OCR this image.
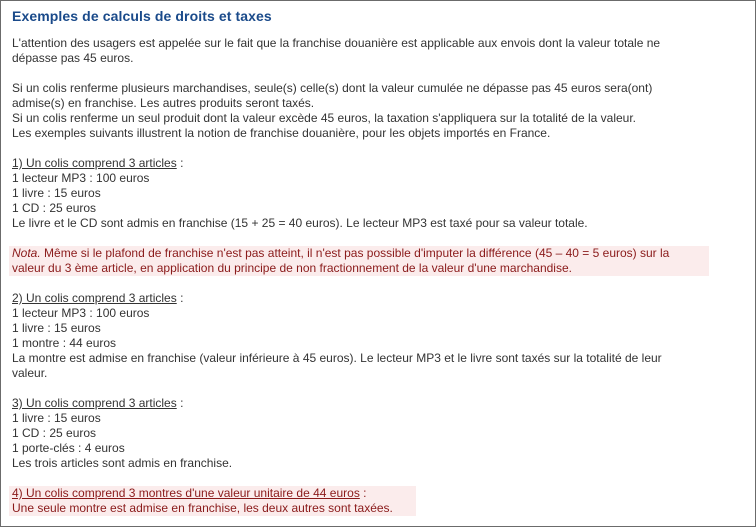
Exemples de calculs de droits et taxes
L'attention des usagers est appelée sur le fait que la franchise douanière est applicable aux envois dont la valeur totale ne
dépasse pas 45 euros.
Si un colis renferme plusieurs marchandises, seule(s) celle(s) dont la valeur cumulée ne dépasse pas 45 euros sera(ont)
admise(s) en franchise. Les autres produits seront taxés.
Si un colis renferme un seul produit dont la valeur excède 45 euros, la taxation s'appliquera sur la totalité de la valeur.
Les exemples suivants illustrent la notion de franchise douanière, pour les objets importés en France.
1) Un colis comprend 3 articles :
1 lecteur MP3 : 100 euros
1 livre : 15 euros
1 CD : 25 euros
Le livre et le CD sont admis en franchise (15 + 25 = 40 euros). Le lecteur MP3 est taxé pour sa valeur totale.
Nota. Même si le plafond de franchise n'est pas atteint, il n'est pas possible d'imputer la différence (45 – 40 = 5 euros) sur la
valeur du 3 ème article, en application du principe de non fractionnement de la valeur d'une marchandise.
2) Un colis comprend 3 articles :
1 lecteur MP3 : 100 euros
1 livre : 15 euros
1 montre : 44 euros
La montre est admise en franchise (valeur inférieure à 45 euros). Le lecteur MP3 et le livre sont taxés sur la totalité de leur
valeur.
3) Un colis comprend 3 articles :
1 livre : 15 euros
1 CD : 25 euros
1 porte-clés : 4 euros
Les trois articles sont admis en franchise.
4) Un colis comprend 3 montres d'une valeur unitaire de 44 euros :
Une seule montre est admise en franchise, les deux autres sont taxées.
